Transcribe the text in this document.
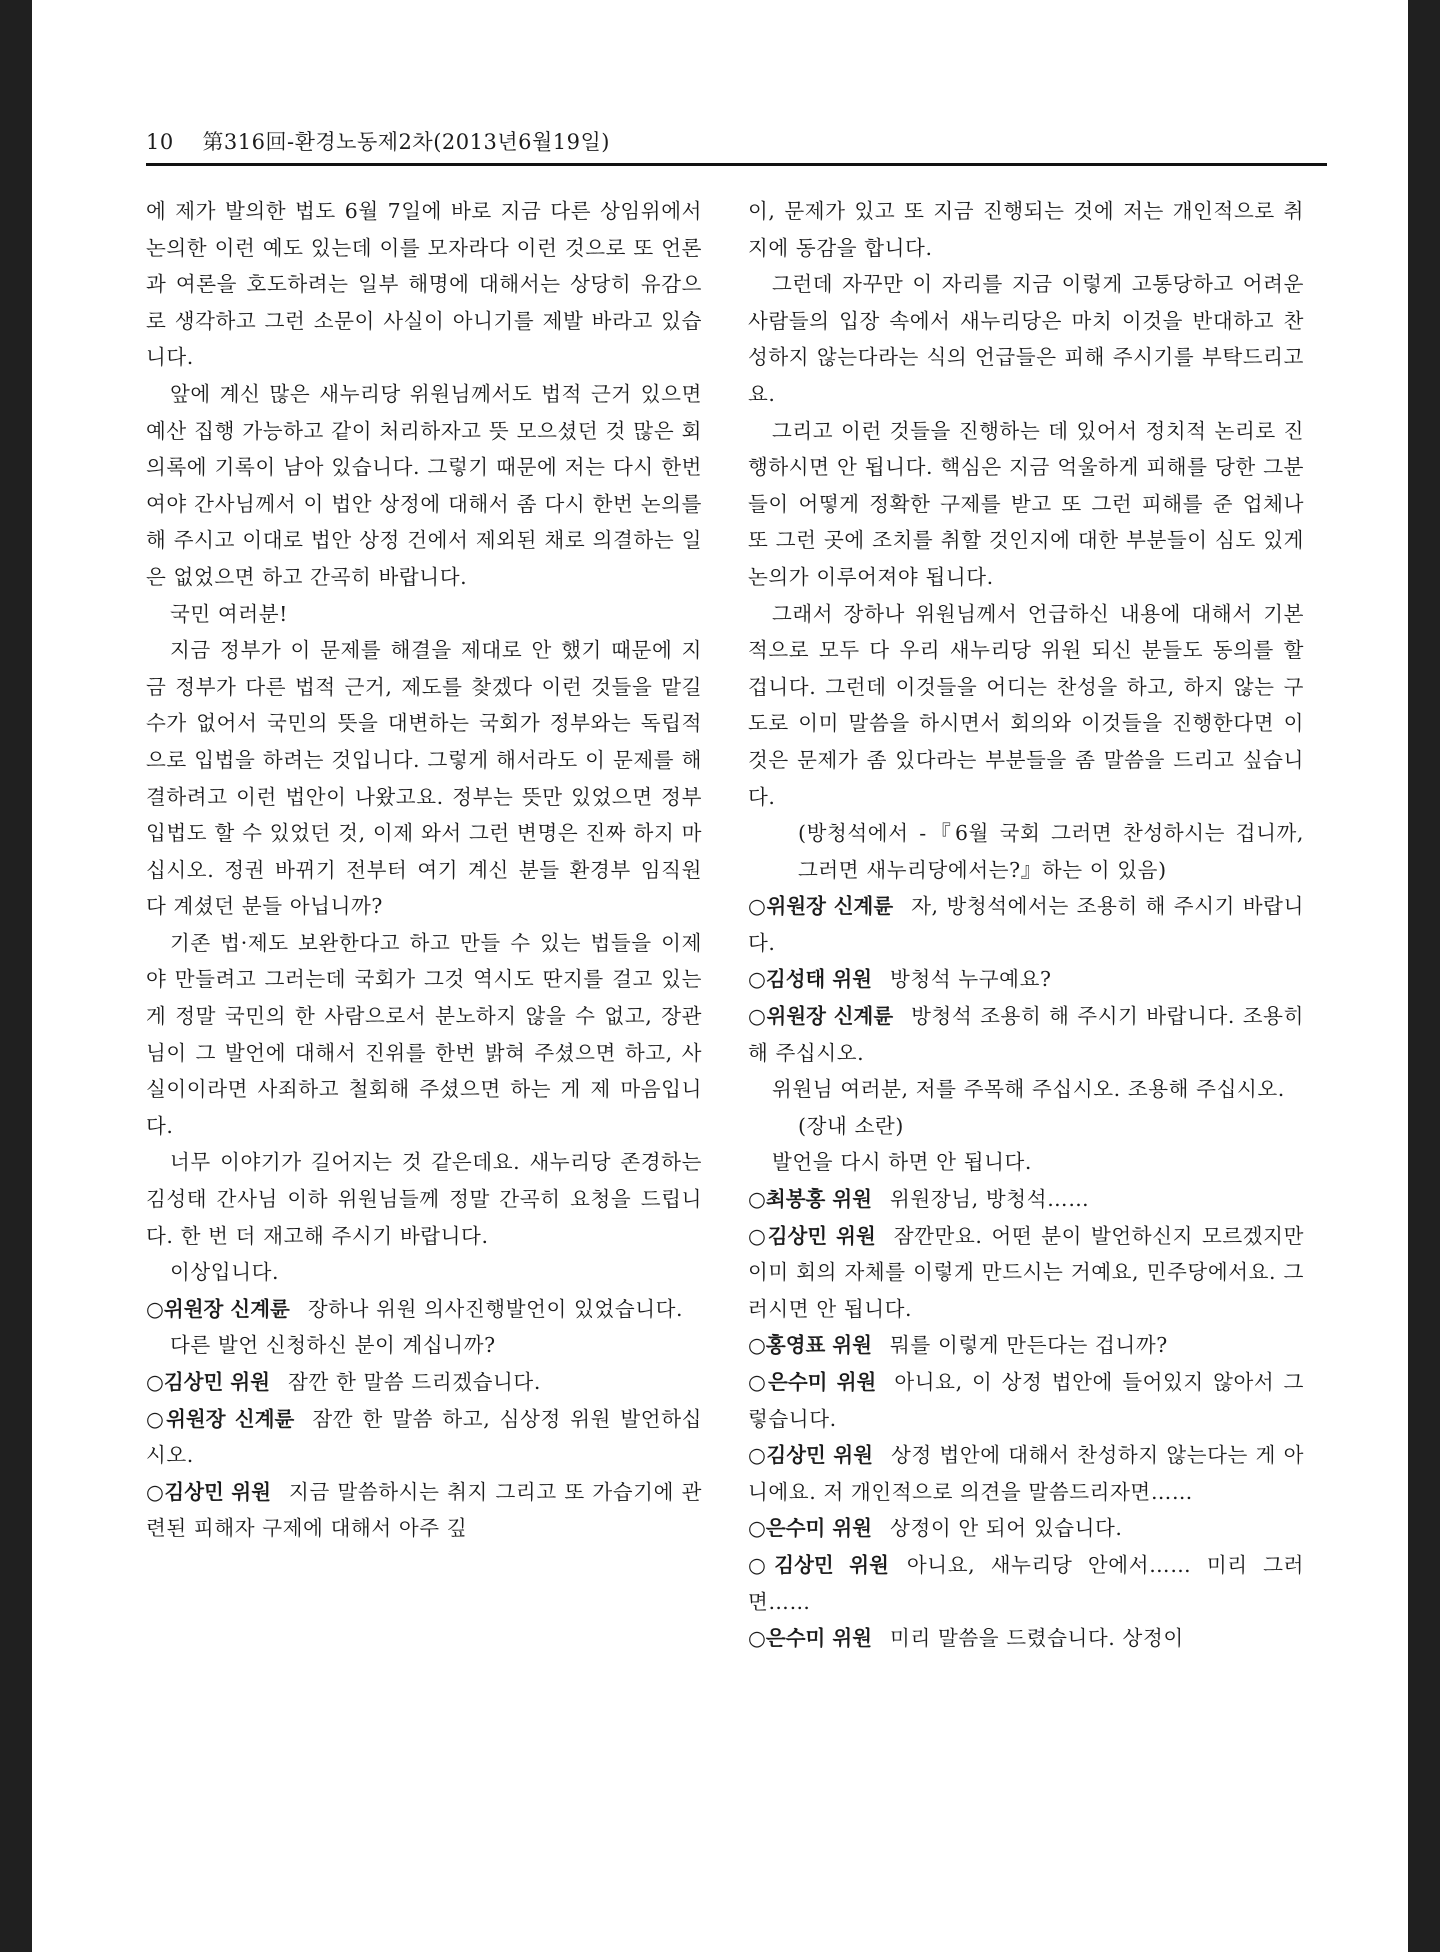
10 第316回-환경노동제2차(2013년6월19일)

에 제가 발의한 법도 6월 7일에 바로 지금 다른 상임위에서 논의한 이런 예도 있는데 이를 모자라다 이런 것으로 또 언론과 여론을 호도하려는 일부 해명에 대해서는 상당히 유감으로 생각하고 그런 소문이 사실이 아니기를 제발 바라고 있습니다.

앞에 계신 많은 새누리당 위원님께서도 법적 근거 있으면 예산 집행 가능하고 같이 처리하자고 뜻 모으셨던 것 많은 회의록에 기록이 남아 있습니다. 그렇기 때문에 저는 다시 한번 여야 간사님께서 이 법안 상정에 대해서 좀 다시 한번 논의를 해 주시고 이대로 법안 상정 건에서 제외된 채로 의결하는 일은 없었으면 하고 간곡히 바랍니다.

국민 여러분!

지금 정부가 이 문제를 해결을 제대로 안 했기 때문에 지금 정부가 다른 법적 근거, 제도를 찾겠다 이런 것들을 맡길 수가 없어서 국민의 뜻을 대변하는 국회가 정부와는 독립적으로 입법을 하려는 것입니다. 그렇게 해서라도 이 문제를 해결하려고 이런 법안이 나왔고요. 정부는 뜻만 있었으면 정부입법도 할 수 있었던 것, 이제 와서 그런 변명은 진짜 하지 마십시오. 정권 바뀌기 전부터 여기 계신 분들 환경부 임직원 다 계셨던 분들 아닙니까?

기존 법·제도 보완한다고 하고 만들 수 있는 법들을 이제야 만들려고 그러는데 국회가 그것 역시도 딴지를 걸고 있는 게 정말 국민의 한 사람으로서 분노하지 않을 수 없고, 장관님이 그 발언에 대해서 진위를 한번 밝혀 주셨으면 하고, 사실이이라면 사죄하고 철회해 주셨으면 하는 게 제 마음입니다.

너무 이야기가 길어지는 것 같은데요. 새누리당 존경하는 김성태 간사님 이하 위원님들께 정말 간곡히 요청을 드립니다. 한 번 더 재고해 주시기 바랍니다.

이상입니다.

○위원장 신계륜 장하나 위원 의사진행발언이 있었습니다.

다른 발언 신청하신 분이 계십니까?

○김상민 위원 잠깐 한 말씀 드리겠습니다.

○위원장 신계륜 잠깐 한 말씀 하고, 심상정 위원 발언하십시오.

○김상민 위원 지금 말씀하시는 취지 그리고 또 가습기에 관련된 피해자 구제에 대해서 아주 깊

이, 문제가 있고 또 지금 진행되는 것에 저는 개인적으로 취지에 동감을 합니다.

그런데 자꾸만 이 자리를 지금 이렇게 고통당하고 어려운 사람들의 입장 속에서 새누리당은 마치 이것을 반대하고 찬성하지 않는다라는 식의 언급들은 피해 주시기를 부탁드리고요.

그리고 이런 것들을 진행하는 데 있어서 정치적 논리로 진행하시면 안 됩니다. 핵심은 지금 억울하게 피해를 당한 그분들이 어떻게 정확한 구제를 받고 또 그런 피해를 준 업체나 또 그런 곳에 조치를 취할 것인지에 대한 부분들이 심도 있게 논의가 이루어져야 됩니다.

그래서 장하나 위원님께서 언급하신 내용에 대해서 기본적으로 모두 다 우리 새누리당 위원 되신 분들도 동의를 할 겁니다. 그런데 이것들을 어디는 찬성을 하고, 하지 않는 구도로 이미 말씀을 하시면서 회의와 이것들을 진행한다면 이것은 문제가 좀 있다라는 부분들을 좀 말씀을 드리고 싶습니다.

(방청석에서 -『6월 국회 그러면 찬성하시는 겁니까, 그러면 새누리당에서는?』하는 이 있음)

○위원장 신계륜 자, 방청석에서는 조용히 해 주시기 바랍니다.

○김성태 위원 방청석 누구예요?

○위원장 신계륜 방청석 조용히 해 주시기 바랍니다. 조용히 해 주십시오.

위원님 여러분, 저를 주목해 주십시오. 조용해 주십시오.

(장내 소란)

발언을 다시 하면 안 됩니다.

○최봉홍 위원 위원장님, 방청석……

○김상민 위원 잠깐만요. 어떤 분이 발언하신지 모르겠지만 이미 회의 자체를 이렇게 만드시는 거예요, 민주당에서요. 그러시면 안 됩니다.

○홍영표 위원 뭐를 이렇게 만든다는 겁니까?

○은수미 위원 아니요, 이 상정 법안에 들어있지 않아서 그렇습니다.

○김상민 위원 상정 법안에 대해서 찬성하지 않는다는 게 아니에요. 저 개인적으로 의견을 말씀드리자면……

○은수미 위원 상정이 안 되어 있습니다.

○김상민 위원 아니요, 새누리당 안에서…… 미리 그러면……

○은수미 위원 미리 말씀을 드렸습니다. 상정이
